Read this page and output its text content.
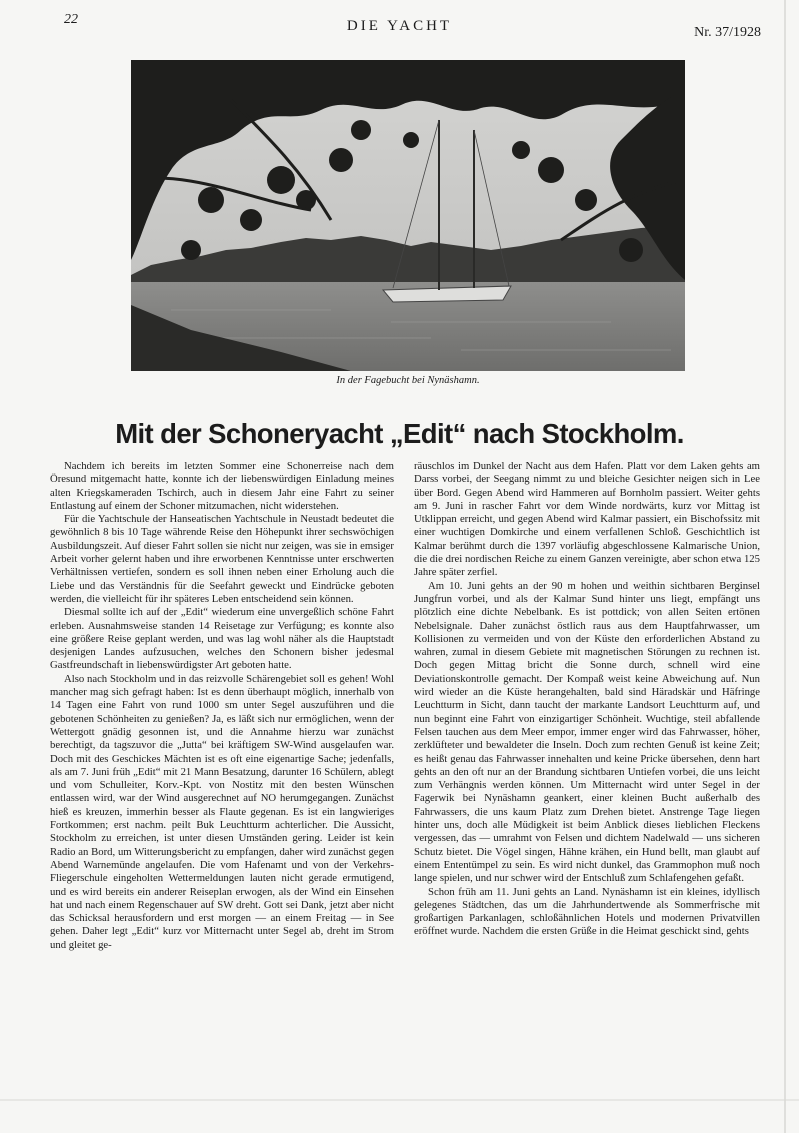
22	DIE YACHT	Nr. 37/1928
In der Fagebucht bei Nynäshamn.
Mit der Schoneryacht „Edit“ nach Stockholm.

Nachdem ich bereits im letzten Sommer eine Schonerreise nach dem Öresund mitgemacht hatte, konnte ich der liebenswürdigen Einladung meines alten Kriegskameraden Tschirch, auch in diesem Jahr eine Fahrt zu seiner Entlastung auf einem der Schoner mitzumachen, nicht widerstehen.

Für die Yachtschule der Hanseatischen Yachtschule in Neustadt bedeutet die gewöhnlich 8 bis 10 Tage währende Reise den Höhepunkt ihrer sechswöchigen Ausbildungszeit. Auf dieser Fahrt sollen sie nicht nur zeigen, was sie in emsiger Arbeit vorher gelernt haben und ihre erworbenen Kenntnisse unter erschwerten Verhältnissen vertiefen, sondern es soll ihnen neben einer Erholung auch die Liebe und das Verständnis für die Seefahrt geweckt und Eindrücke geboten werden, die vielleicht für ihr späteres Leben entscheidend sein können.

Diesmal sollte ich auf der „Edit“ wiederum eine unvergeßlich schöne Fahrt erleben. Ausnahmsweise standen 14 Reisetage zur Verfügung; es konnte also eine größere Reise geplant werden, und was lag wohl näher als die Hauptstadt desjenigen Landes aufzusuchen, welches den Schonern bisher jedesmal Gastfreundschaft in liebenswürdigster Art geboten hatte.

Also nach Stockholm und in das reizvolle Schärengebiet soll es gehen! Wohl mancher mag sich gefragt haben: Ist es denn überhaupt möglich, innerhalb von 14 Tagen eine Fahrt von rund 1000 sm unter Segel auszuführen und die gebotenen Schönheiten zu genießen? Ja, es läßt sich nur ermöglichen, wenn der Wettergott gnädig gesonnen ist, und die Annahme hierzu war zunächst berechtigt, da tagszuvor die „Jutta“ bei kräftigem SW-Wind ausgelaufen war. Doch mit des Geschickes Mächten ist es oft eine eigenartige Sache; jedenfalls, als am 7. Juni früh „Edit“ mit 21 Mann Besatzung, darunter 16 Schülern, ablegt und vom Schulleiter, Korv.-Kpt. von Nostitz mit den besten Wünschen entlassen wird, war der Wind ausgerechnet auf NO herumgegangen. Zunächst hieß es kreuzen, immerhin besser als Flaute gegenan. Es ist ein langwieriges Fortkommen; erst nachm. peilt Buk Leuchtturm achterlicher. Die Aussicht, Stockholm zu erreichen, ist unter diesen Umständen gering. Leider ist kein Radio an Bord, um Witterungsbericht zu empfangen, daher wird zunächst gegen Abend Warnemünde angelaufen. Die vom Hafenamt und von der Verkehrs-Fliegerschule eingeholten Wettermeldungen lauten nicht gerade ermutigend, und es wird bereits ein anderer Reiseplan erwogen, als der Wind ein Einsehen hat und nach einem Regenschauer auf SW dreht. Gott sei Dank, jetzt aber nicht das Schicksal herausfordern und erst morgen — an einem Freitag — in See gehen. Daher legt „Edit“ kurz vor Mitternacht unter Segel ab, dreht im Strom und gleitet ge-

räuschlos im Dunkel der Nacht aus dem Hafen. Platt vor dem Laken gehts am Darss vorbei, der Seegang nimmt zu und bleiche Gesichter neigen sich in Lee über Bord. Gegen Abend wird Hammeren auf Bornholm passiert. Weiter gehts am 9. Juni in rascher Fahrt vor dem Winde nordwärts, kurz vor Mittag ist Utklippan erreicht, und gegen Abend wird Kalmar passiert, ein Bischofssitz mit einer wuchtigen Domkirche und einem verfallenen Schloß. Geschichtlich ist Kalmar berühmt durch die 1397 vorläufig abgeschlossene Kalmarische Union, die die drei nordischen Reiche zu einem Ganzen vereinigte, aber schon etwa 125 Jahre später zerfiel.

Am 10. Juni gehts an der 90 m hohen und weithin sichtbaren Berginsel Jungfrun vorbei, und als der Kalmar Sund hinter uns liegt, empfängt uns plötzlich eine dichte Nebelbank. Es ist pottdick; von allen Seiten ertönen Nebelsignale. Daher zunächst östlich raus aus dem Hauptfahrwasser, um Kollisionen zu vermeiden und von der Küste den erforderlichen Abstand zu wahren, zumal in diesem Gebiete mit magnetischen Störungen zu rechnen ist. Doch gegen Mittag bricht die Sonne durch, schnell wird eine Deviationskontrolle gemacht. Der Kompaß weist keine Abweichung auf. Nun wird wieder an die Küste herangehalten, bald sind Häradskär und Häfringe Leuchtturm in Sicht, dann taucht der markante Landsort Leuchtturm auf, und nun beginnt eine Fahrt von einzigartiger Schönheit. Wuchtige, steil abfallende Felsen tauchen aus dem Meer empor, immer enger wird das Fahrwasser, höher, zerklüfteter und bewaldeter die Inseln. Doch zum rechten Genuß ist keine Zeit; es heißt genau das Fahrwasser innehalten und keine Pricke übersehen, denn hart gehts an den oft nur an der Brandung sichtbaren Untiefen vorbei, die uns leicht zum Verhängnis werden können. Um Mitternacht wird unter Segel in der Fagerwik bei Nynäshamn geankert, einer kleinen Bucht außerhalb des Fahrwassers, die uns kaum Platz zum Drehen bietet. Anstrenge Tage liegen hinter uns, doch alle Müdigkeit ist beim Anblick dieses lieblichen Fleckens vergessen, das — umrahmt von Felsen und dichtem Nadelwald — uns sicheren Schutz bietet. Die Vögel singen, Hähne krähen, ein Hund bellt, man glaubt auf einem Ententümpel zu sein. Es wird nicht dunkel, das Grammophon muß noch lange spielen, und nur schwer wird der Entschluß zum Schlafengehen gefaßt.

Schon früh am 11. Juni gehts an Land. Nynäshamn ist ein kleines, idyllisch gelegenes Städtchen, das um die Jahrhundertwende als Sommerfrische mit großartigen Parkanlagen, schloßähnlichen Hotels und modernen Privatvillen eröffnet wurde. Nachdem die ersten Grüße in die Heimat geschickt sind, gehts
